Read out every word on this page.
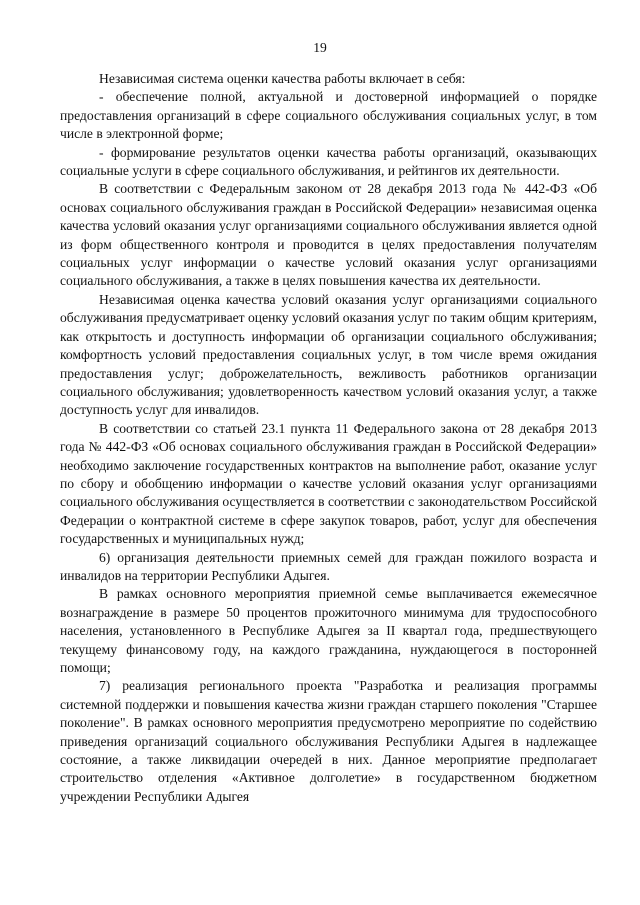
19

Независимая система оценки качества работы включает в себя:

- обеспечение полной, актуальной и достоверной информацией о порядке предоставления организаций в сфере социального обслуживания социальных услуг, в том числе в электронной форме;

- формирование результатов оценки качества работы организаций, оказывающих социальные услуги в сфере социального обслуживания, и рейтингов их деятельности.

В соответствии с Федеральным законом от 28 декабря 2013 года № 442-ФЗ «Об основах социального обслуживания граждан в Российской Федерации» независимая оценка качества условий оказания услуг организациями социального обслуживания является одной из форм общественного контроля и проводится в целях предоставления получателям социальных услуг информации о качестве условий оказания услуг организациями социального обслуживания, а также в целях повышения качества их деятельности.

Независимая оценка качества условий оказания услуг организациями социального обслуживания предусматривает оценку условий оказания услуг по таким общим критериям, как открытость и доступность информации об организации социального обслуживания; комфортность условий предоставления социальных услуг, в том числе время ожидания предоставления услуг; доброжелательность, вежливость работников организации социального обслуживания; удовлетворенность качеством условий оказания услуг, а также доступность услуг для инвалидов.

В соответствии со статьей 23.1 пункта 11 Федерального закона от 28 декабря 2013 года № 442-ФЗ «Об основах социального обслуживания граждан в Российской Федерации» необходимо заключение государственных контрактов на выполнение работ, оказание услуг по сбору и обобщению информации о качестве условий оказания услуг организациями социального обслуживания осуществляется в соответствии с законодательством Российской Федерации о контрактной системе в сфере закупок товаров, работ, услуг для обеспечения государственных и муниципальных нужд;

6) организация деятельности приемных семей для граждан пожилого возраста и инвалидов на территории Республики Адыгея.

В рамках основного мероприятия приемной семье выплачивается ежемесячное вознаграждение в размере 50 процентов прожиточного минимума для трудоспособного населения, установленного в Республике Адыгея за II квартал года, предшествующего текущему финансовому году, на каждого гражданина, нуждающегося в посторонней помощи;

7) реализация регионального проекта "Разработка и реализация программы системной поддержки и повышения качества жизни граждан старшего поколения "Старшее поколение". В рамках основного мероприятия предусмотрено мероприятие по содействию приведения организаций социального обслуживания Республики Адыгея в надлежащее состояние, а также ликвидации очередей в них. Данное мероприятие предполагает строительство отделения «Активное долголетие» в государственном бюджетном учреждении Республики Адыгея
